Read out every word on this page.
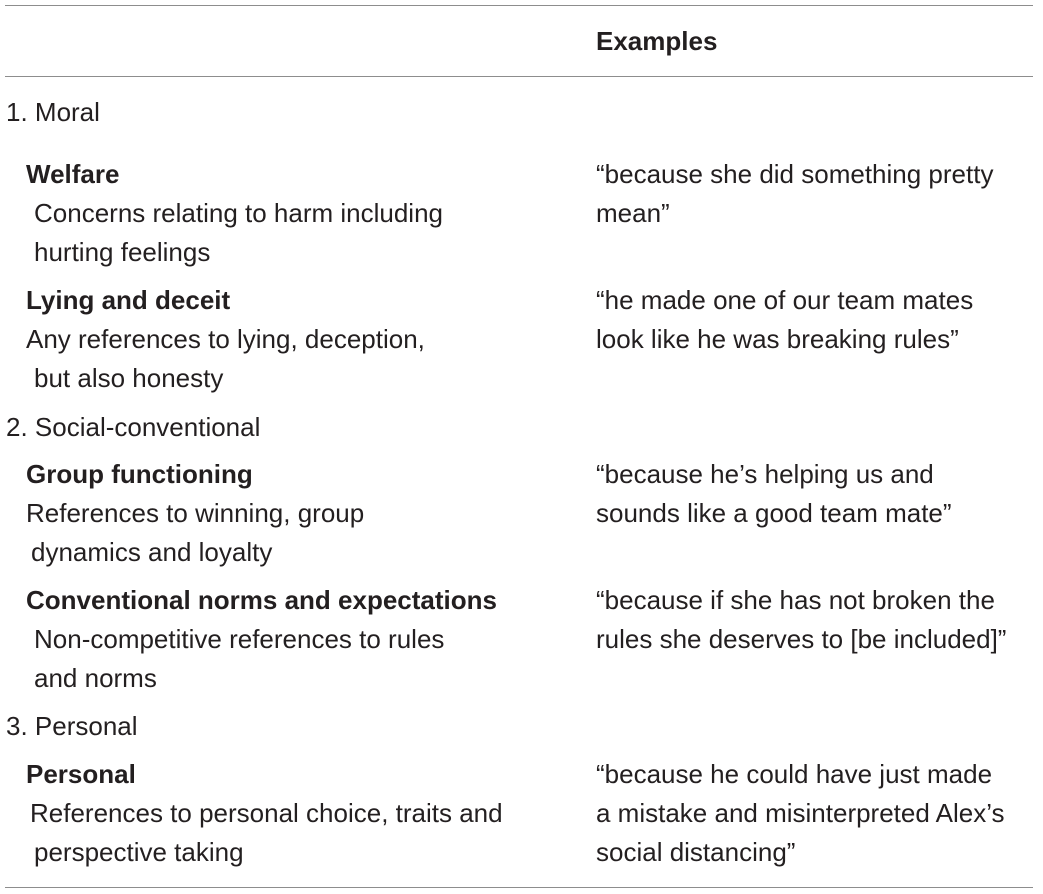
Examples
1. Moral
Welfare
Concerns relating to harm including
hurting feelings
“because she did something pretty
mean”
Lying and deceit
Any references to lying, deception,
but also honesty
“he made one of our team mates
look like he was breaking rules”
2. Social-conventional
Group functioning
References to winning, group
dynamics and loyalty
“because he’s helping us and
sounds like a good team mate”
Conventional norms and expectations
Non-competitive references to rules
and norms
“because if she has not broken the
rules she deserves to [be included]”
3. Personal
Personal
References to personal choice, traits and
perspective taking
“because he could have just made
a mistake and misinterpreted Alex’s
social distancing”
